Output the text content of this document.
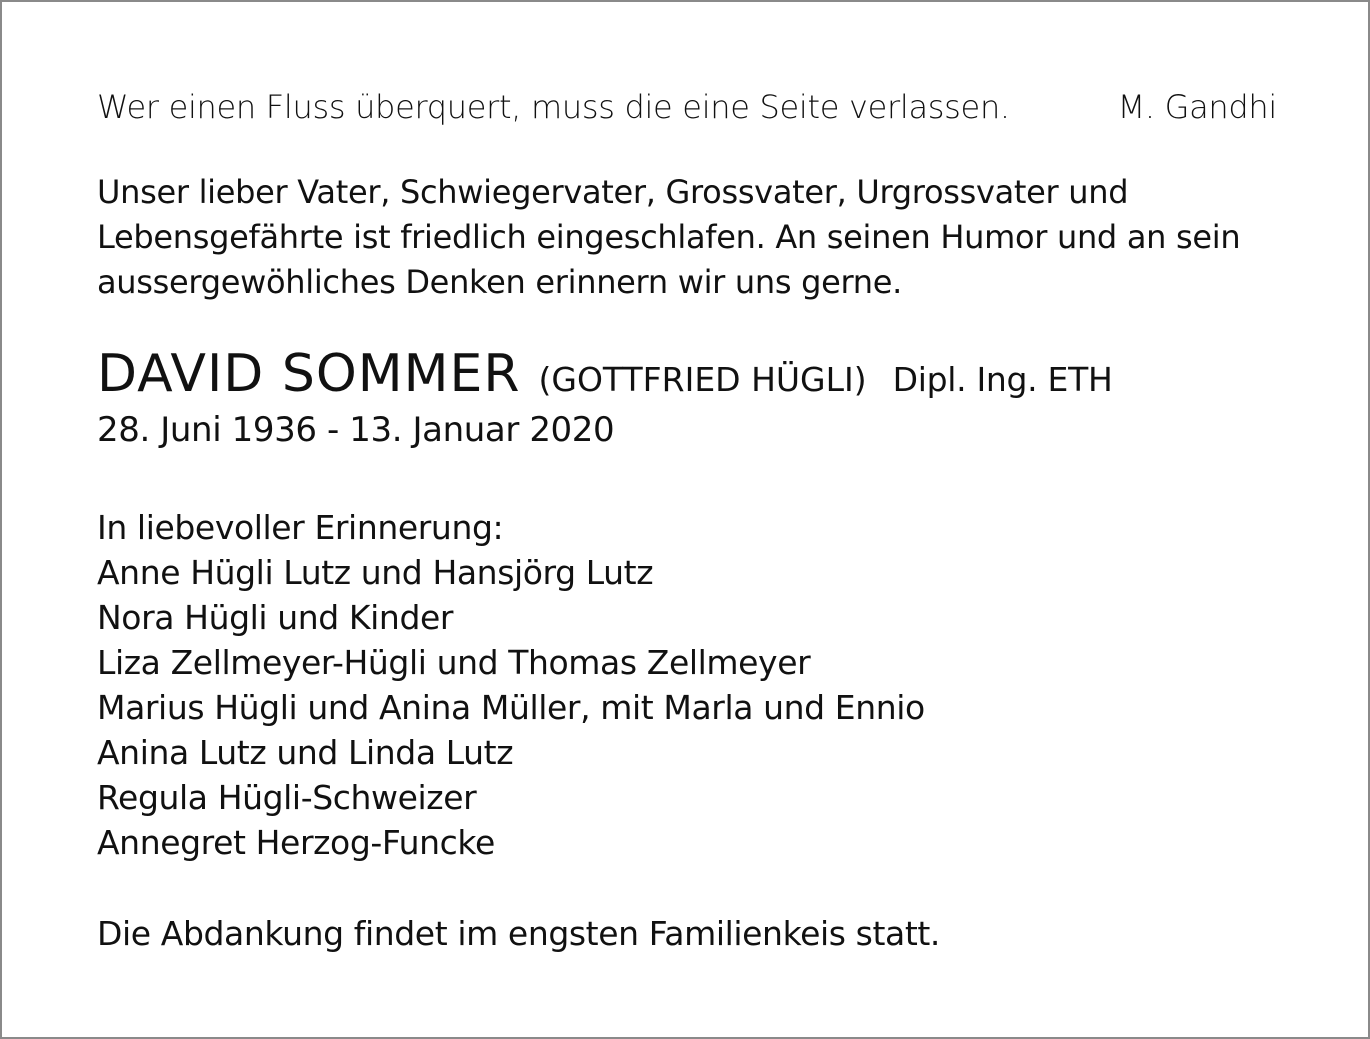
Wer einen Fluss überquert, muss die eine Seite verlassen.	M. Gandhi
Unser lieber Vater, Schwiegervater, Grossvater, Urgrossvater und
Lebensgefährte ist friedlich eingeschlafen. An seinen Humor und an sein
aussergewöhliches Denken erinnern wir uns gerne.
DAVID SOMMER (GOTTFRIED HÜGLI) Dipl. Ing. ETH
28. Juni 1936 - 13. Januar 2020
In liebevoller Erinnerung:
Anne Hügli Lutz und Hansjörg Lutz
Nora Hügli und Kinder
Liza Zellmeyer-Hügli und Thomas Zellmeyer
Marius Hügli und Anina Müller, mit Marla und Ennio
Anina Lutz und Linda Lutz
Regula Hügli-Schweizer
Annegret Herzog-Funcke
Die Abdankung findet im engsten Familienkeis statt.
